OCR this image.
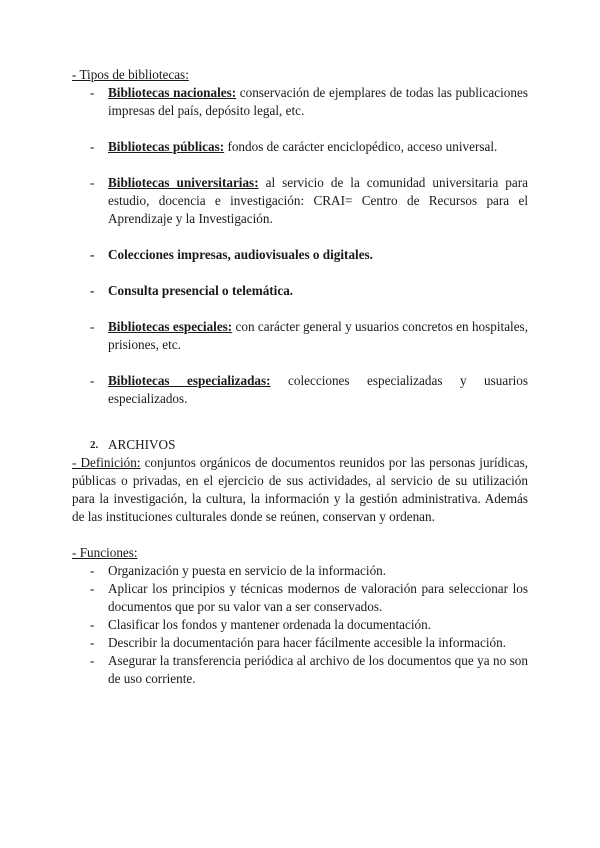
- Tipos de bibliotecas:
-	Bibliotecas nacionales: conservación de ejemplares de todas las publicaciones impresas del país, depósito legal, etc.
-	Bibliotecas públicas: fondos de carácter enciclopédico, acceso universal.
-	Bibliotecas universitarias: al servicio de la comunidad universitaria para estudio, docencia e investigación: CRAI= Centro de Recursos para el Aprendizaje y la Investigación.
-	Colecciones impresas, audiovisuales o digitales.
-	Consulta presencial o telemática.
-	Bibliotecas especiales: con carácter general y usuarios concretos en hospitales, prisiones, etc.
-	Bibliotecas especializadas: colecciones especializadas y usuarios especializados.
2. ARCHIVOS
- Definición: conjuntos orgánicos de documentos reunidos por las personas jurídicas, públicas o privadas, en el ejercicio de sus actividades, al servicio de su utilización para la investigación, la cultura, la información y la gestión administrativa. Además de las instituciones culturales donde se reúnen, conservan y ordenan.
- Funciones:
-	Organización y puesta en servicio de la información.
-	Aplicar los principios y técnicas modernos de valoración para seleccionar los documentos que por su valor van a ser conservados.
-	Clasificar los fondos y mantener ordenada la documentación.
-	Describir la documentación para hacer fácilmente accesible la información.
-	Asegurar la transferencia periódica al archivo de los documentos que ya no son de uso corriente.
